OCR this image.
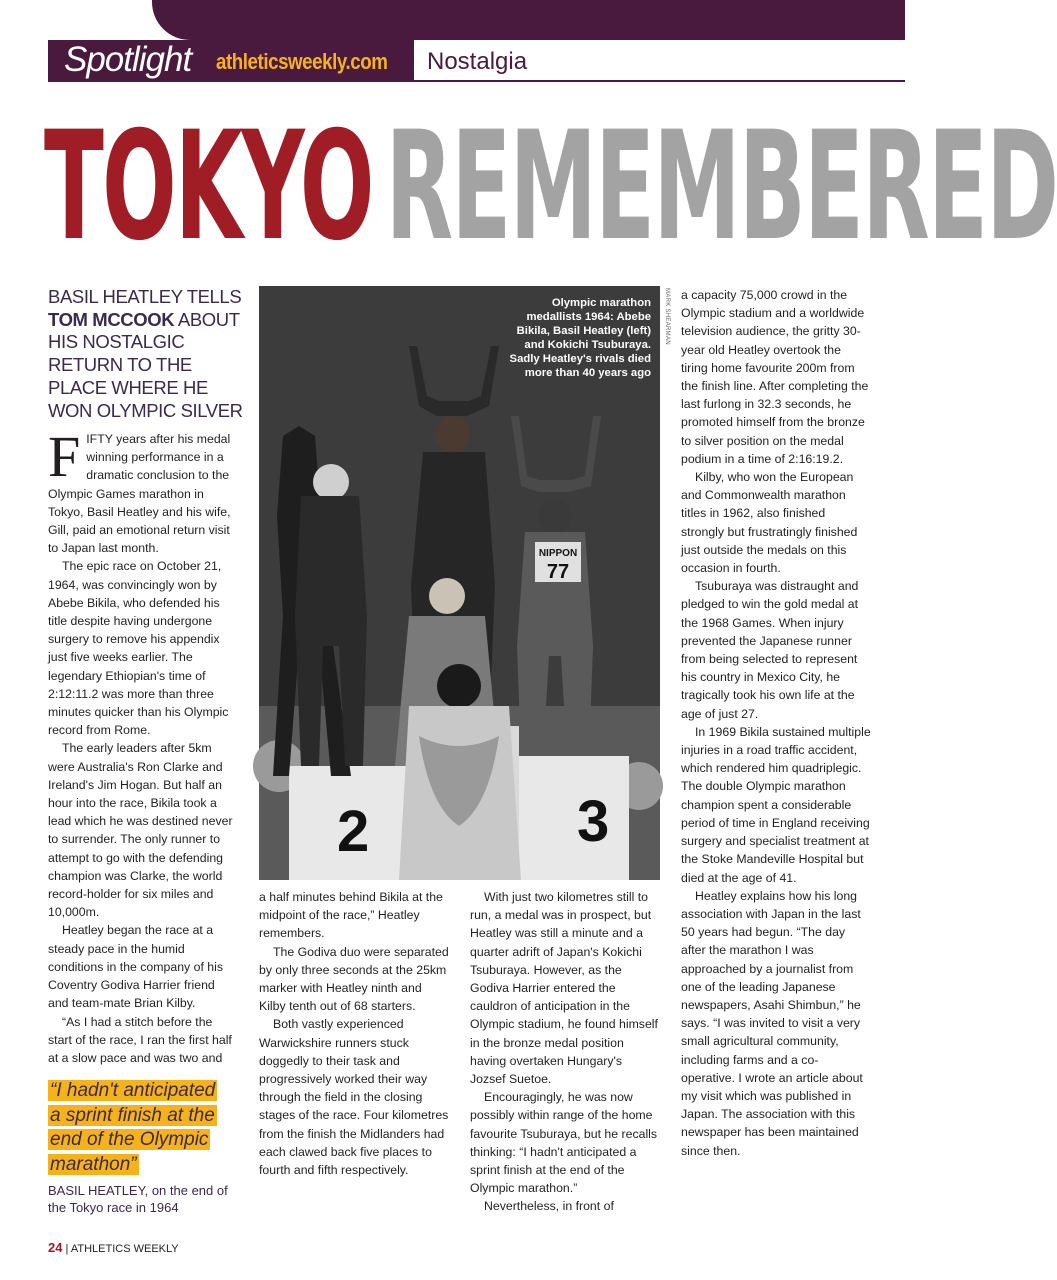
Spotlight athleticsweekly.com Nostalgia
TOKYOREMEMBERED
BASIL HEATLEY TELLS TOM MCCOOK ABOUT HIS NOSTALGIC RETURN TO THE PLACE WHERE HE WON OLYMPIC SILVER
F IFTY years after his medal winning performance in a dramatic conclusion to the Olympic Games marathon in Tokyo, Basil Heatley and his wife, Gill, paid an emotional return visit to Japan last month.

The epic race on October 21, 1964, was convincingly won by Abebe Bikila, who defended his title despite having undergone surgery to remove his appendix just five weeks earlier. The legendary Ethiopian's time of 2:12:11.2 was more than three minutes quicker than his Olympic record from Rome.

The early leaders after 5km were Australia's Ron Clarke and Ireland's Jim Hogan. But half an hour into the race, Bikila took a lead which he was destined never to surrender. The only runner to attempt to go with the defending champion was Clarke, the world record-holder for six miles and 10,000m.

Heatley began the race at a steady pace in the humid conditions in the company of his Coventry Godiva Harrier friend and team-mate Brian Kilby.

“As I had a stitch before the start of the race, I ran the first half at a slow pace and was two and

“I hadn't anticipated
a sprint finish at the
end of the Olympic
marathon”
BASIL HEATLEY, on the end of the Tokyo race in 1964
2	3
NIPPON
77
Olympic marathon medallists 1964: Abebe Bikila, Basil Heatley (left) and Kokichi Tsuburaya. Sadly Heatley's rivals died more than 40 years ago
MARK SHEARMAN

a half minutes behind Bikila at the midpoint of the race,” Heatley remembers.

The Godiva duo were separated by only three seconds at the 25km marker with Heatley ninth and Kilby tenth out of 68 starters.

Both vastly experienced Warwickshire runners stuck doggedly to their task and progressively worked their way through the field in the closing stages of the race. Four kilometres from the finish the Midlanders had each clawed back five places to fourth and fifth respectively.

With just two kilometres still to run, a medal was in prospect, but Heatley was still a minute and a quarter adrift of Japan's Kokichi Tsuburaya. However, as the Godiva Harrier entered the cauldron of anticipation in the Olympic stadium, he found himself in the bronze medal position having overtaken Hungary's Jozsef Suetoe.

Encouragingly, he was now possibly within range of the home favourite Tsuburaya, but he recalls thinking: “I hadn't anticipated a sprint finish at the end of the Olympic marathon.”

Nevertheless, in front of

a capacity 75,000 crowd in the Olympic stadium and a worldwide television audience, the gritty 30-year old Heatley overtook the tiring home favourite 200m from the finish line. After completing the last furlong in 32.3 seconds, he promoted himself from the bronze to silver position on the medal podium in a time of 2:16:19.2.

Kilby, who won the European and Commonwealth marathon titles in 1962, also finished strongly but frustratingly finished just outside the medals on this occasion in fourth.

Tsuburaya was distraught and pledged to win the gold medal at the 1968 Games. When injury prevented the Japanese runner from being selected to represent his country in Mexico City, he tragically took his own life at the age of just 27.

In 1969 Bikila sustained multiple injuries in a road traffic accident, which rendered him quadriplegic. The double Olympic marathon champion spent a considerable period of time in England receiving surgery and specialist treatment at the Stoke Mandeville Hospital but died at the age of 41.

Heatley explains how his long association with Japan in the last 50 years had begun. “The day after the marathon I was approached by a journalist from one of the leading Japanese newspapers, Asahi Shimbun,” he says. “I was invited to visit a very small agricultural community, including farms and a co-operative. I wrote an article about my visit which was published in Japan. The association with this newspaper has been maintained since then.

24 | ATHLETICS WEEKLY
